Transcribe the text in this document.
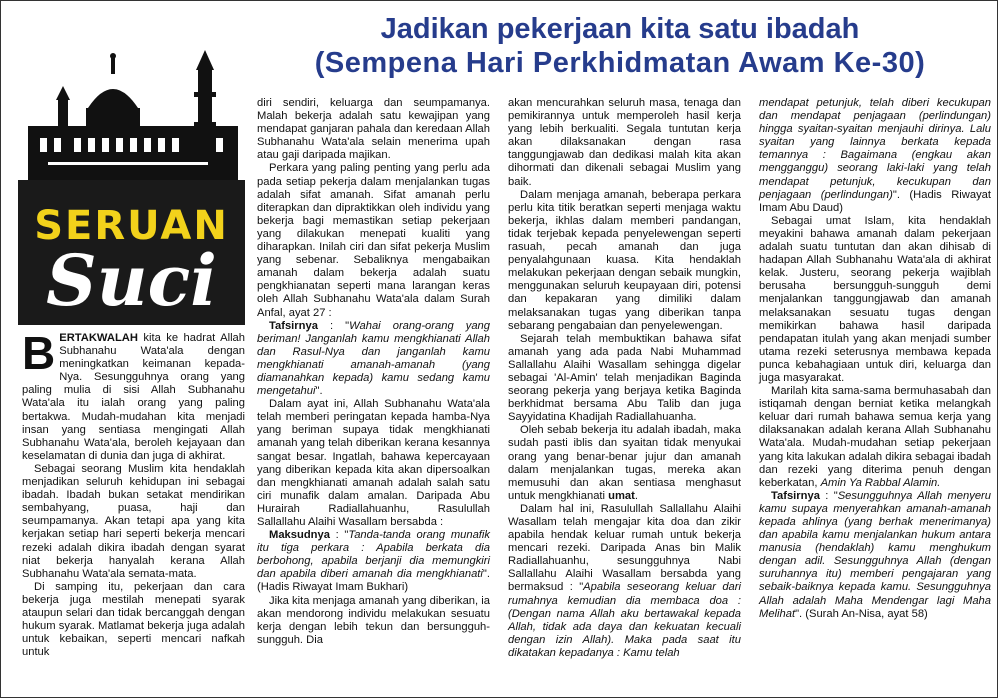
SERUAN
Suci
Jadikan pekerjaan kita satu ibadah
(Sempena Hari Perkhidmatan Awam Ke-30)

BERTAKWALAH kita ke hadrat Allah Subhanahu Wata'ala dengan meningkatkan keimanan kepada-Nya. Sesungguhnya orang yang paling mulia di sisi Allah Subhanahu Wata'ala itu ialah orang yang paling bertakwa. Mudah-mudahan kita menjadi insan yang sentiasa mengingati Allah Subhanahu Wata'ala, beroleh kejayaan dan keselamatan di dunia dan juga di akhirat.

Sebagai seorang Muslim kita hendaklah menjadikan seluruh kehidupan ini sebagai ibadah. Ibadah bukan setakat mendirikan sembahyang, puasa, haji dan seumpamanya. Akan tetapi apa yang kita kerjakan setiap hari seperti bekerja mencari rezeki adalah dikira ibadah dengan syarat niat bekerja hanyalah kerana Allah Subhanahu Wata'ala semata-mata.

Di samping itu, pekerjaan dan cara bekerja juga mestilah menepati syarak ataupun selari dan tidak bercanggah dengan hukum syarak. Matlamat bekerja juga adalah untuk kebaikan, seperti mencari nafkah untuk

diri sendiri, keluarga dan seumpamanya. Malah bekerja adalah satu kewajipan yang mendapat ganjaran pahala dan keredaan Allah Subhanahu Wata'ala selain menerima upah atau gaji daripada majikan.

Perkara yang paling penting yang perlu ada pada setiap pekerja dalam menjalankan tugas adalah sifat amanah. Sifat amanah perlu diterapkan dan dipraktikkan oleh individu yang bekerja bagi memastikan setiap pekerjaan yang dilakukan menepati kualiti yang diharapkan. Inilah ciri dan sifat pekerja Muslim yang sebenar. Sebaliknya mengabaikan amanah dalam bekerja adalah suatu pengkhianatan seperti mana larangan keras oleh Allah Subhanahu Wata'ala dalam Surah Anfal, ayat 27 :

Tafsirnya : "Wahai orang-orang yang beriman! Janganlah kamu mengkhianati Allah dan Rasul-Nya dan janganlah kamu mengkhianati amanah-amanah (yang diamanahkan kepada) kamu sedang kamu mengetahui".

Dalam ayat ini, Allah Subhanahu Wata'ala telah memberi peringatan kepada hamba-Nya yang beriman supaya tidak mengkhianati amanah yang telah diberikan kerana kesannya sangat besar. Ingatlah, bahawa kepercayaan yang diberikan kepada kita akan dipersoalkan dan mengkhianati amanah adalah salah satu ciri munafik dalam amalan. Daripada Abu Hurairah Radiallahuanhu, Rasulullah Sallallahu Alaihi Wasallam bersabda :

Maksudnya : "Tanda-tanda orang munafik itu tiga perkara : Apabila berkata dia berbohong, apabila berjanji dia memungkiri dan apabila diberi amanah dia mengkhianati". (Hadis Riwayat Imam Bukhari)

Jika kita menjaga amanah yang diberikan, ia akan mendorong individu melakukan sesuatu kerja dengan lebih tekun dan bersungguh-sungguh. Dia

akan mencurahkan seluruh masa, tenaga dan pemikirannya untuk memperoleh hasil kerja yang lebih berkualiti. Segala tuntutan kerja akan dilaksanakan dengan rasa tanggungjawab dan dedikasi malah kita akan dihormati dan dikenali sebagai Muslim yang baik.

Dalam menjaga amanah, beberapa perkara perlu kita titik beratkan seperti menjaga waktu bekerja, ikhlas dalam memberi pandangan, tidak terjebak kepada penyelewengan seperti rasuah, pecah amanah dan juga penyalahgunaan kuasa. Kita hendaklah melakukan pekerjaan dengan sebaik mungkin, menggunakan seluruh keupayaan diri, potensi dan kepakaran yang dimiliki dalam melaksanakan tugas yang diberikan tanpa sebarang pengabaian dan penyelewengan.

Sejarah telah membuktikan bahawa sifat amanah yang ada pada Nabi Muhammad Sallallahu Alaihi Wasallam sehingga digelar sebagai 'Al-Amin' telah menjadikan Baginda seorang pekerja yang berjaya ketika Baginda berkhidmat bersama Abu Talib dan juga Sayyidatina Khadijah Radiallahuanha.

Oleh sebab bekerja itu adalah ibadah, maka sudah pasti iblis dan syaitan tidak menyukai orang yang benar-benar jujur dan amanah dalam menjalankan tugas, mereka akan memusuhi dan akan sentiasa menghasut untuk mengkhianati umat.

Dalam hal ini, Rasulullah Sallallahu Alaihi Wasallam telah mengajar kita doa dan zikir apabila hendak keluar rumah untuk bekerja mencari rezeki. Daripada Anas bin Malik Radiallahuanhu, sesungguhnya Nabi Sallallahu Alaihi Wasallam bersabda yang bermaksud : "Apabila seseorang keluar dari rumahnya kemudian dia membaca doa : (Dengan nama Allah aku bertawakal kepada Allah, tidak ada daya dan kekuatan kecuali dengan izin Allah). Maka pada saat itu dikatakan kepadanya : Kamu telah

mendapat petunjuk, telah diberi kecukupan dan mendapat penjagaan (perlindungan) hingga syaitan-syaitan menjauhi dirinya. Lalu syaitan yang lainnya berkata kepada temannya : Bagaimana (engkau akan mengganggu) seorang laki-laki yang telah mendapat petunjuk, kecukupan dan penjagaan (perlindungan)". (Hadis Riwayat Imam Abu Daud)

Sebagai umat Islam, kita hendaklah meyakini bahawa amanah dalam pekerjaan adalah suatu tuntutan dan akan dihisab di hadapan Allah Subhanahu Wata'ala di akhirat kelak. Justeru, seorang pekerja wajiblah berusaha bersungguh-sungguh demi menjalankan tanggungjawab dan amanah melaksanakan sesuatu tugas dengan memikirkan bahawa hasil daripada pendapatan itulah yang akan menjadi sumber utama rezeki seterusnya membawa kepada punca kebahagiaan untuk diri, keluarga dan juga masyarakat.

Marilah kita sama-sama bermuhasabah dan istiqamah dengan berniat ketika melangkah keluar dari rumah bahawa semua kerja yang dilaksanakan adalah kerana Allah Subhanahu Wata'ala. Mudah-mudahan setiap pekerjaan yang kita lakukan adalah dikira sebagai ibadah dan rezeki yang diterima penuh dengan keberkatan, Amin Ya Rabbal Alamin.

Tafsirnya : "Sesungguhnya Allah menyeru kamu supaya menyerahkan amanah-amanah kepada ahlinya (yang berhak menerimanya) dan apabila kamu menjalankan hukum antara manusia (hendaklah) kamu menghukum dengan adil. Sesungguhnya Allah (dengan suruhannya itu) memberi pengajaran yang sebaik-baiknya kepada kamu. Sesungguhnya Allah adalah Maha Mendengar lagi Maha Melihat". (Surah An-Nisa, ayat 58)
